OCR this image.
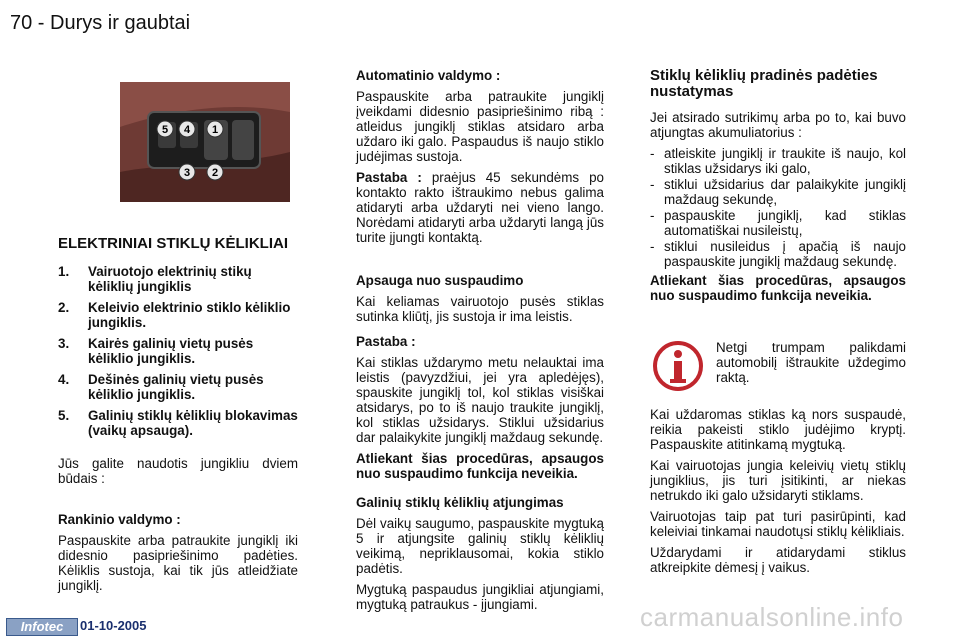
70 - Durys ir gaubtai
5 4 1
3 2
ELEKTRINIAI STIKLŲ KĖLIKLIAI
1.	Vairuotojo elektrinių stikų kėliklių jungiklis
2.	Keleivio elektrinio stiklo kėliklio jungiklis.
3.	Kairės galinių vietų pusės kėliklio jungiklis.
4.	Dešinės galinių vietų pusės kėliklio jungiklis.
5.	Galinių stiklų kėliklių blokavimas (vaikų apsauga).

Jūs galite naudotis jungikliu dviem būdais :

Rankinio valdymo :

Paspauskite arba patraukite jungiklį iki didesnio pasipriešinimo padėties. Kėliklis sustoja, kai tik jūs atleidžiate jungiklį.

Automatinio valdymo :

Paspauskite arba patraukite jungiklį įveikdami didesnio pasipriešinimo ribą : atleidus jungiklį stiklas atsidaro arba uždaro iki galo. Paspaudus iš naujo stiklo judėjimas sustoja.

Pastaba : praėjus 45 sekundėms po kontakto rakto ištraukimo nebus galima atidaryti arba uždaryti nei vieno lango. Norėdami atidaryti arba uždaryti langą jūs turite įjungti kontaktą.

Apsauga nuo suspaudimo

Kai keliamas vairuotojo pusės stiklas sutinka kliūtį, jis sustoja ir ima leistis.

Pastaba :

Kai stiklas uždarymo metu nelauktai ima leistis (pavyzdžiui, jei yra apledėjęs), spauskite jungiklį tol, kol stiklas visiškai atsidarys, po to iš naujo traukite jungiklį, kol stiklas užsidarys. Stiklui užsidarius dar palaikykite jungiklį maždaug sekundę.

Atliekant šias procedūras, apsaugos nuo suspaudimo funkcija neveikia.

Galinių stiklų kėliklių atjungimas

Dėl vaikų saugumo, paspauskite mygtuką 5 ir atjungsite galinių stiklų kėliklių veikimą, nepriklausomai, kokia stiklo padėtis.

Mygtuką paspaudus jungikliai atjungiami, mygtuką patraukus - įjungiami.

Stiklų kėliklių pradinės padėties nustatymas

Jei atsirado sutrikimų arba po to, kai buvo atjungtas akumuliatorius :

- atleiskite jungiklį ir traukite iš naujo, kol stiklas užsidarys iki galo,
- stiklui užsidarius dar palaikykite jungiklį maždaug sekundę,
- paspauskite jungiklį, kad stiklas automatiškai nusileistų,
- stiklui nusileidus į apačią iš naujo paspauskite jungiklį maždaug sekundę.

Atliekant šias procedūras, apsaugos nuo suspaudimo funkcija neveikia.

Netgi trumpam palikdami automobilį ištraukite uždegimo raktą.

Kai uždaromas stiklas ką nors suspaudė, reikia pakeisti stiklo judėjimo kryptį. Paspauskite atitinkamą mygtuką.

Kai vairuotojas jungia keleivių vietų stiklų jungiklius, jis turi įsitikinti, ar niekas netrukdo iki galo užsidaryti stiklams.

Vairuotojas taip pat turi pasirūpinti, kad keleiviai tinkamai naudotųsi stiklų kėlikliais.

Uždarydami ir atidarydami stiklus atkreipkite dėmesį į vaikus.

Infotec	01-10-2005	carmanualsonline.info
